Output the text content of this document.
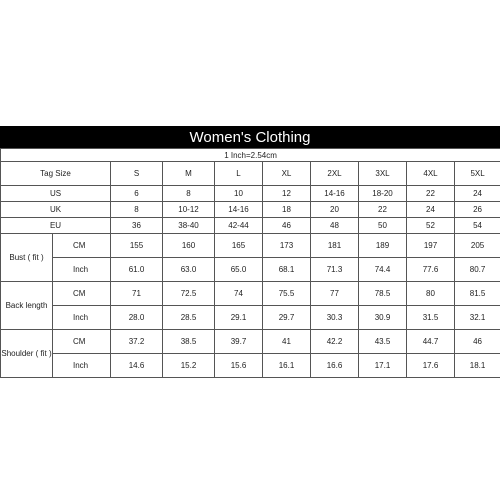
Women's Clothing
1 Inch=2.54cm									
Tag Size		S	M	L	XL	2XL	3XL	4XL	5XL
US		6	8	10	12	14-16	18-20	22	24
UK		8	10-12	14-16	18	20	22	24	26
EU		36	38-40	42-44	46	48	50	52	54
Bust ( fit )	CM	155	160	165	173	181	189	197	205
	Inch	61.0	63.0	65.0	68.1	71.3	74.4	77.6	80.7
Back length	CM	71	72.5	74	75.5	77	78.5	80	81.5
	Inch	28.0	28.5	29.1	29.7	30.3	30.9	31.5	32.1
Shoulder ( fit )	CM	37.2	38.5	39.7	41	42.2	43.5	44.7	46
	Inch	14.6	15.2	15.6	16.1	16.6	17.1	17.6	18.1
